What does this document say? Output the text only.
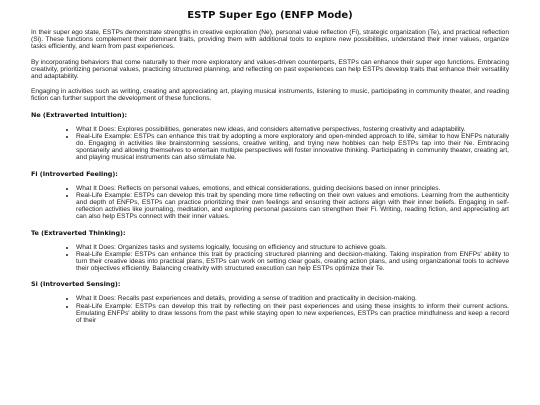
ESTP Super Ego (ENFP Mode)

In their super ego state, ESTPs demonstrate strengths in creative exploration (Ne), personal value reflection (Fi), strategic organization (Te), and practical reflection (Si). These functions complement their dominant traits, providing them with additional tools to explore new possibilities, understand their inner values, organize tasks efficiently, and learn from past experiences.

By incorporating behaviors that come naturally to their more exploratory and values-driven counterparts, ESTPs can enhance their super ego functions. Embracing creativity, prioritizing personal values, practicing structured planning, and reflecting on past experiences can help ESTPs develop traits that enhance their versatility and adaptability.

Engaging in activities such as writing, creating and appreciating art, playing musical instruments, listening to music, participating in community theater, and reading fiction can further support the development of these functions.

Ne (Extraverted Intuition):
• What It Does: Explores possibilities, generates new ideas, and considers alternative perspectives, fostering creativity and adaptability.
• Real-Life Example: ESTPs can enhance this trait by adopting a more exploratory and open-minded approach to life, similar to how ENFPs naturally do. Engaging in activities like brainstorming sessions, creative writing, and trying new hobbies can help ESTPs tap into their Ne. Embracing spontaneity and allowing themselves to entertain multiple perspectives will foster innovative thinking. Participating in community theater, creating art, and playing musical instruments can also stimulate Ne.
Fi (Introverted Feeling):
• What It Does: Reflects on personal values, emotions, and ethical considerations, guiding decisions based on inner principles.
• Real-Life Example: ESTPs can develop this trait by spending more time reflecting on their own values and emotions. Learning from the authenticity and depth of ENFPs, ESTPs can practice prioritizing their own feelings and ensuring their actions align with their inner beliefs. Engaging in self-reflection activities like journaling, meditation, and exploring personal passions can strengthen their Fi. Writing, reading fiction, and appreciating art can also help ESTPs connect with their inner values.
Te (Extraverted Thinking):
• What It Does: Organizes tasks and systems logically, focusing on efficiency and structure to achieve goals.
• Real-Life Example: ESTPs can enhance this trait by practicing structured planning and decision-making. Taking inspiration from ENFPs' ability to turn their creative ideas into practical plans, ESTPs can work on setting clear goals, creating action plans, and using organizational tools to achieve their objectives efficiently. Balancing creativity with structured execution can help ESTPs optimize their Te.
Si (Introverted Sensing):
• What It Does: Recalls past experiences and details, providing a sense of tradition and practicality in decision-making.
• Real-Life Example: ESTPs can develop this trait by reflecting on their past experiences and using these insights to inform their current actions. Emulating ENFPs' ability to draw lessons from the past while staying open to new experiences, ESTPs can practice mindfulness and keep a record of their
